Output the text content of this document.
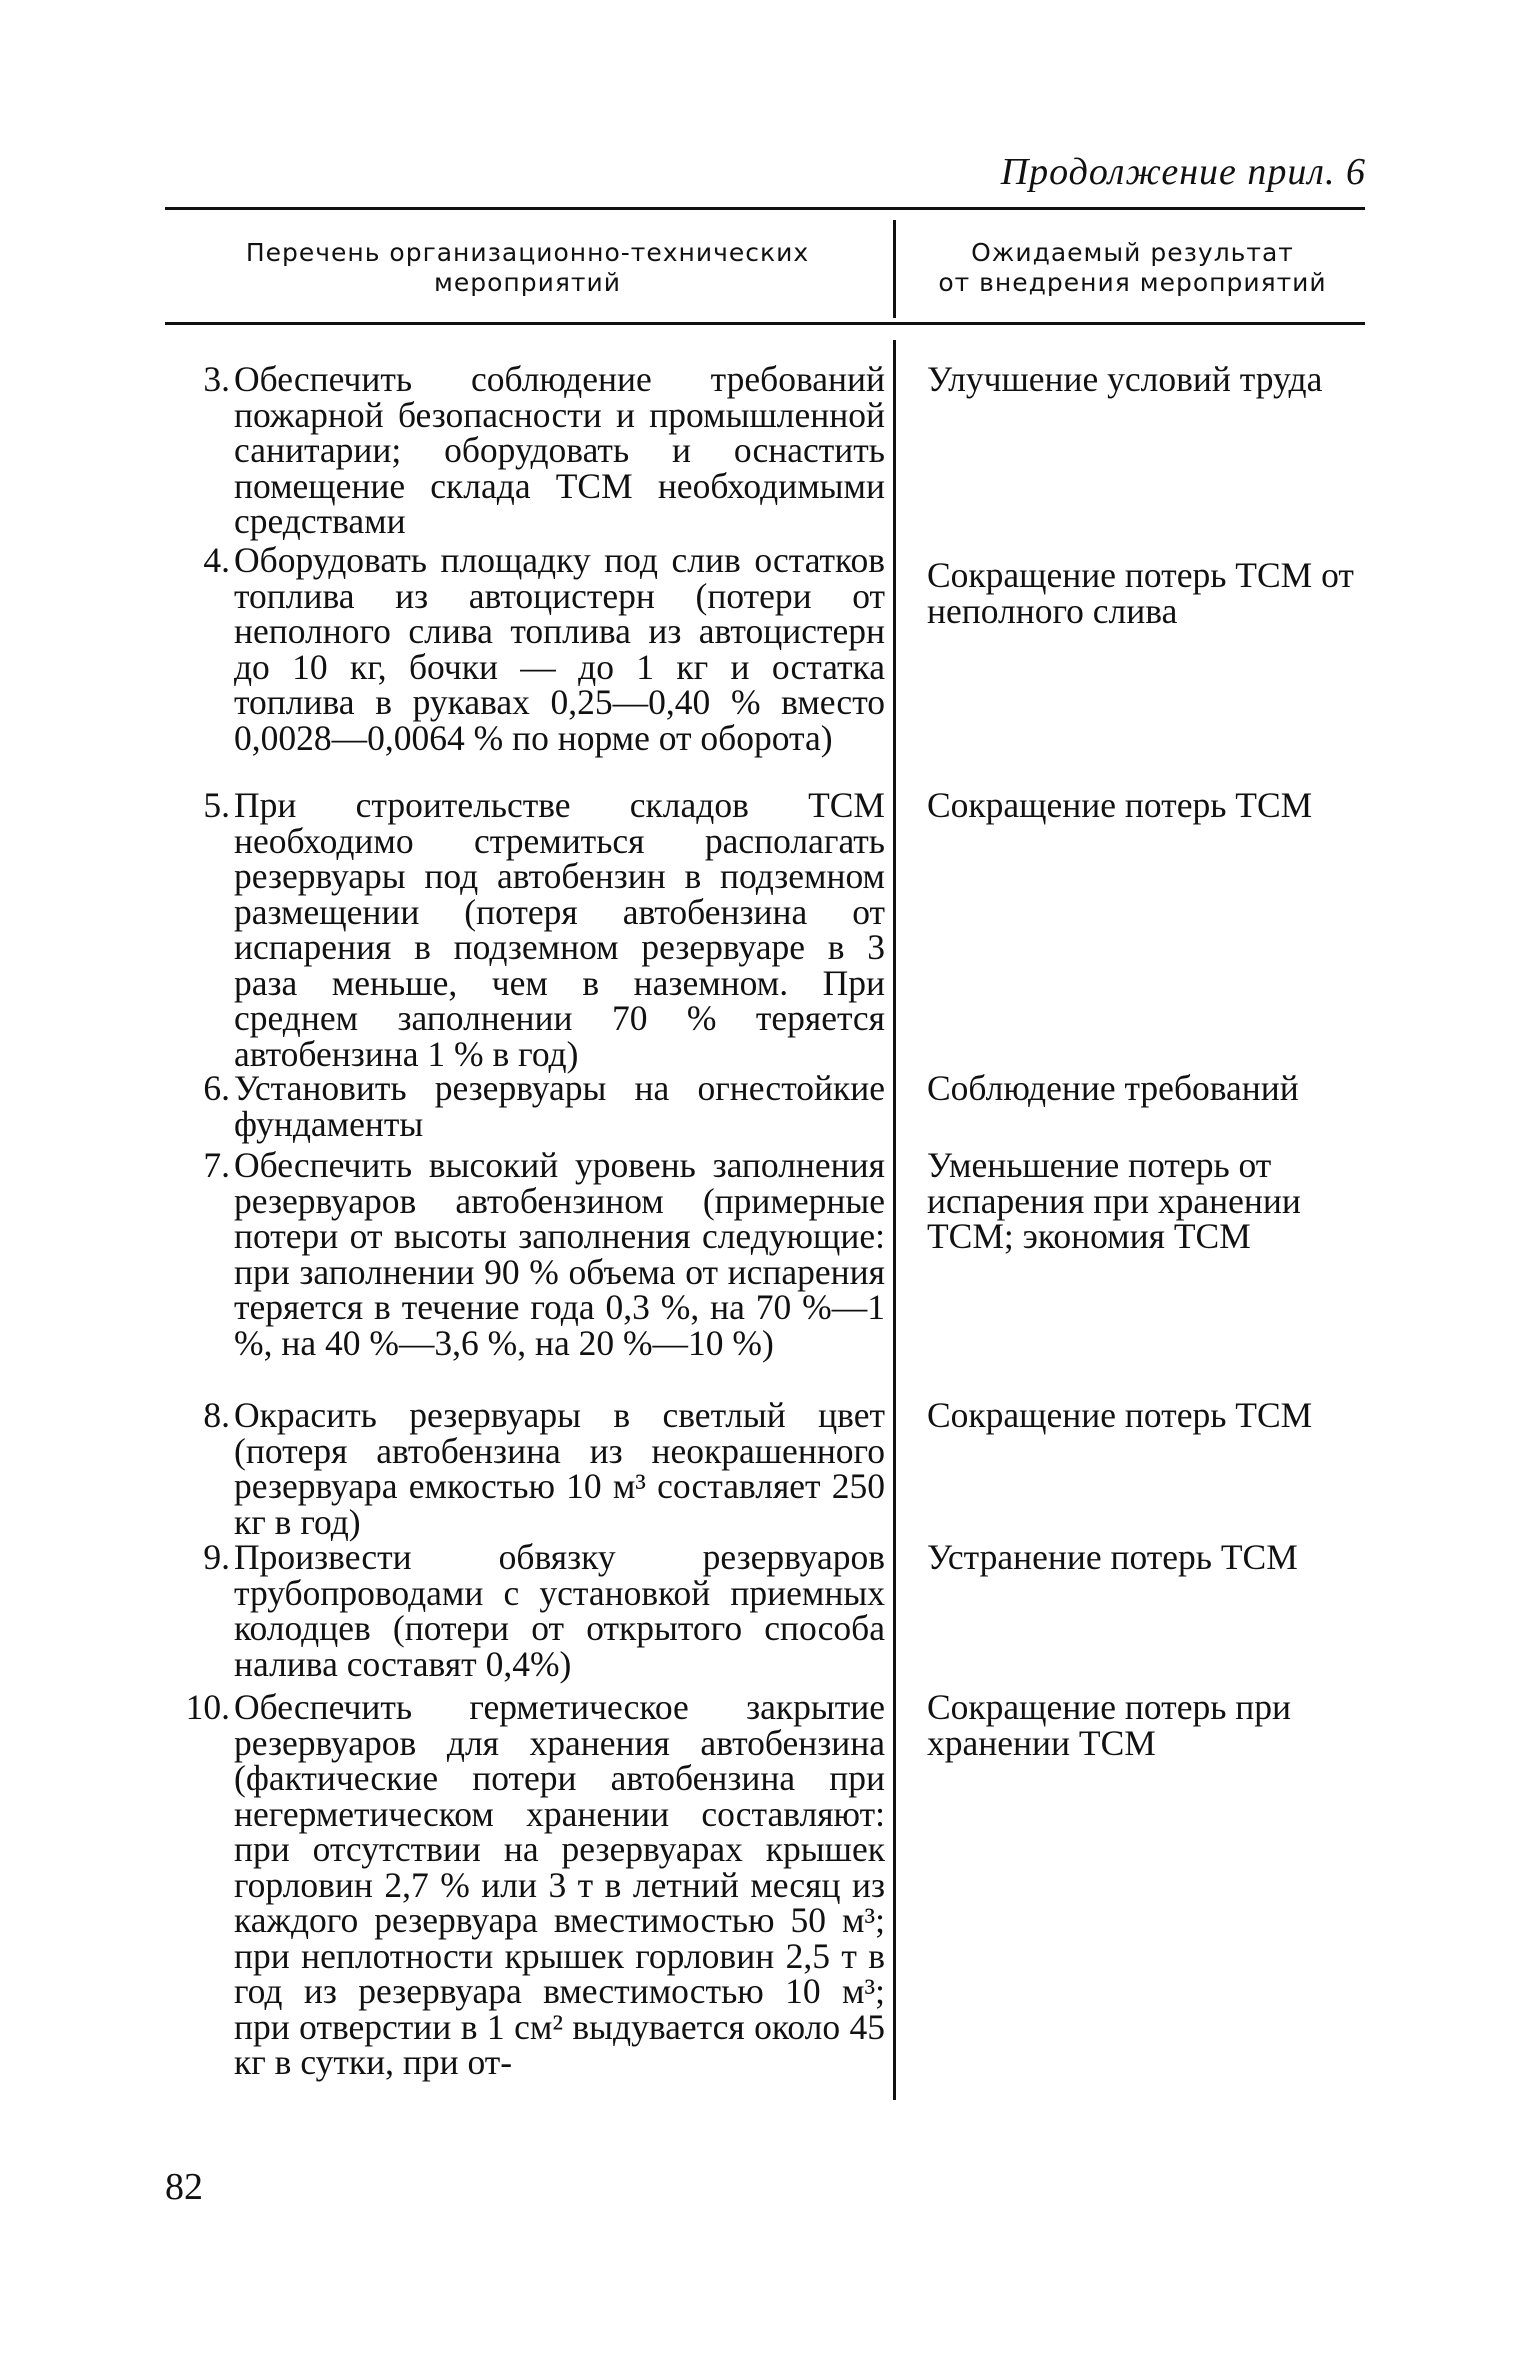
Продолжение прил. 6
Перечень организационно-технических
мероприятий
Ожидаемый результат
от внедрения мероприятий
3. Обеспечить соблюдение требований пожарной безопасности и промышленной санитарии; оборудовать и оснастить помещение склада ТСМ необходимыми средствами
Улучшение условий труда
4. Оборудовать площадку под слив остатков топлива из автоцистерн (потери от неполного слива топлива из автоцистерн до 10 кг, бочки — до 1 кг и остатка топлива в рукавах 0,25—0,40 % вместо 0,0028—0,0064 % по норме от оборота)
Сокращение потерь ТСМ от неполного слива
5. При строительстве складов ТСМ необходимо стремиться располагать резервуары под автобензин в подземном размещении (потеря автобензина от испарения в подземном резервуаре в 3 раза меньше, чем в наземном. При среднем заполнении 70 % теряется автобензина 1 % в год)
Сокращение потерь ТСМ
6. Установить резервуары на огнестойкие фундаменты
Соблюдение требований
7. Обеспечить высокий уровень заполнения резервуаров автобензином (примерные потери от высоты заполнения следующие: при заполнении 90 % объема от испарения теряется в течение года 0,3 %, на 70 %—1 %, на 40 %—3,6 %, на 20 %—10 %)
Уменьшение потерь от испарения при хранении ТСМ; экономия ТСМ
8. Окрасить резервуары в светлый цвет (потеря автобензина из неокрашенного резервуара емкостью 10 м³ составляет 250 кг в год)
Сокращение потерь ТСМ
9. Произвести обвязку резервуаров трубопроводами с установкой приемных колодцев (потери от открытого способа налива составят 0,4%)
Устранение потерь ТСМ
10. Обеспечить герметическое закрытие резервуаров для хранения автобензина (фактические потери автобензина при негерметическом хранении составляют: при отсутствии на резервуарах крышек горловин 2,7 % или 3 т в летний месяц из каждого резервуара вместимостью 50 м³; при неплотности крышек горловин 2,5 т в год из резервуара вместимостью 10 м³; при отверстии в 1 см² выдувается около 45 кг в сутки, при от-
Сокращение потерь при хранении ТСМ
82
